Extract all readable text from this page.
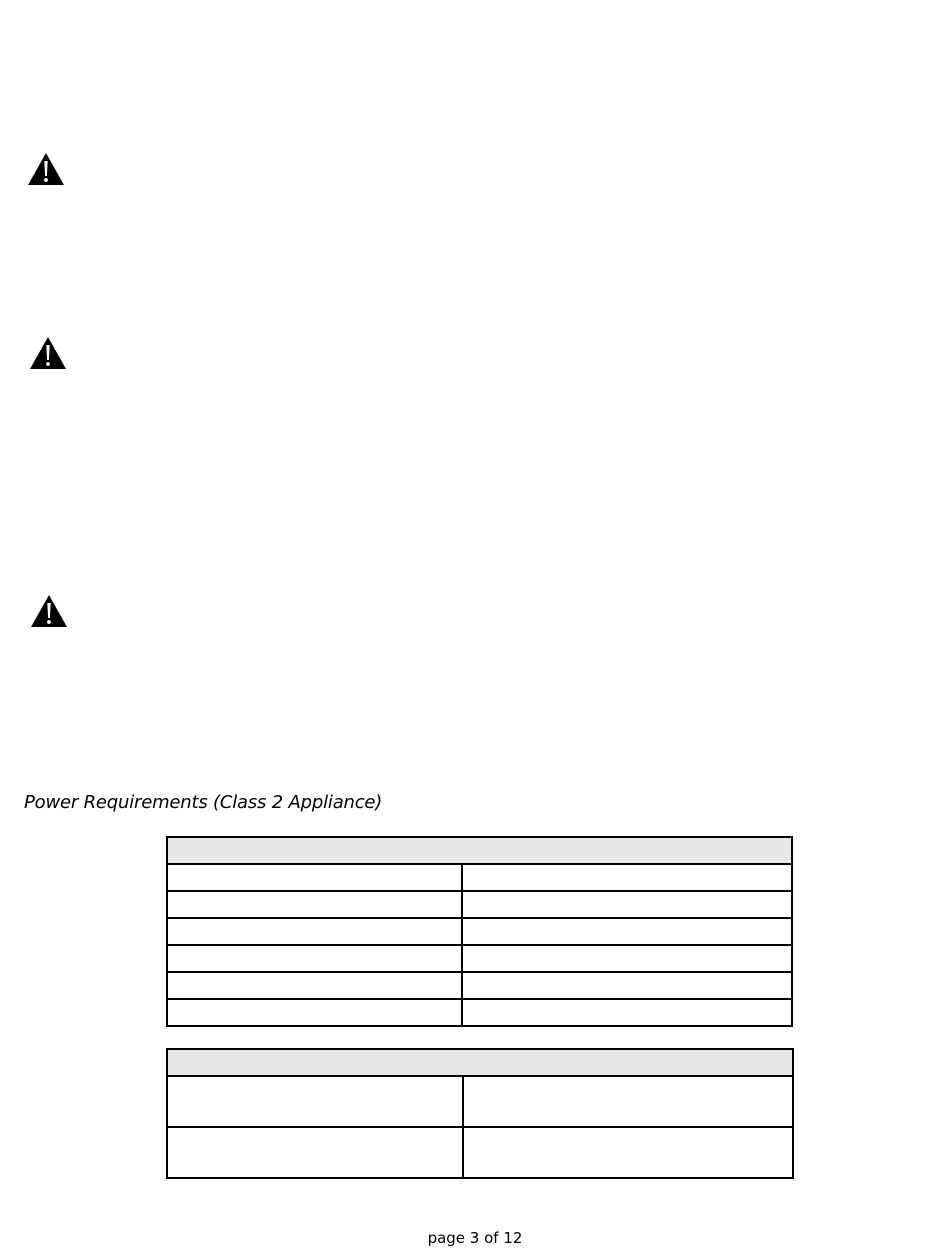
Power Requirements (Class 2 Appliance)

page 3 of 12
